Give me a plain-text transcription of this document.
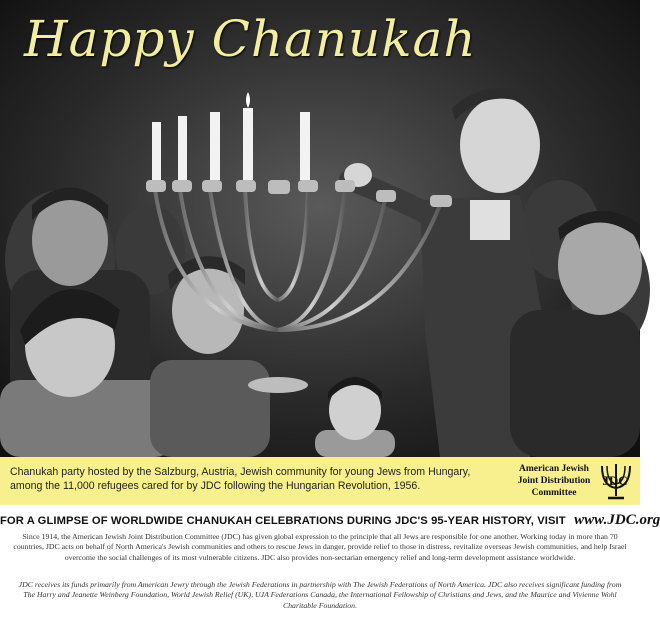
Happy Chanukah
Chanukah party hosted by the Salzburg, Austria, Jewish community for young Jews from Hungary, among the 11,000 refugees cared for by JDC following the Hungarian Revolution, 1956.
American Jewish
Joint Distribution
Committee
JDC
FOR A GLIMPSE OF WORLDWIDE CHANUKAH CELEBRATIONS DURING JDC'S 95-YEAR HISTORY, VISIT www.JDC.org

Since 1914, the American Jewish Joint Distribution Committee (JDC) has given global expression to the principle that all Jews are responsible for one another. Working today in more than 70 countries, JDC acts on behalf of North America's Jewish communities and others to rescue Jews in danger, provide relief to those in distress, revitalize overseas Jewish communities, and help Israel overcome the social challenges of its most vulnerable citizens. JDC also provides non-sectarian emergency relief and long-term development assistance worldwide.

JDC receives its funds primarily from American Jewry through the Jewish Federations in partnership with The Jewish Federations of North America. JDC also receives significant funding from The Harry and Jeanette Weinberg Foundation, World Jewish Relief (UK), UJA Federations Canada, the International Fellowship of Christians and Jews, and the Maurice and Vivienne Wohl Charitable Foundation.
